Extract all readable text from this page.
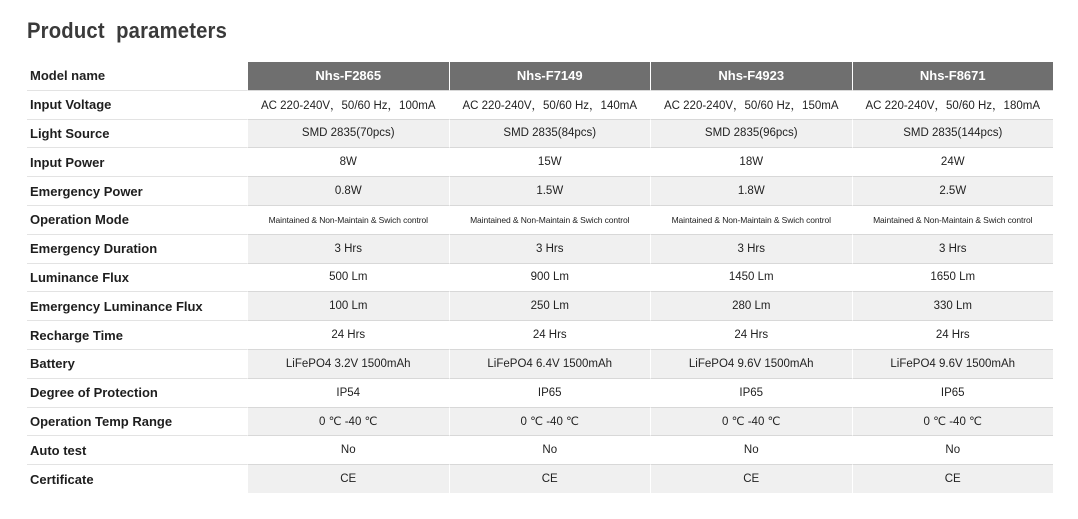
Product parameters
Model name	Nhs-F2865	Nhs-F7149	Nhs-F4923	Nhs-F8671
Input Voltage	AC 220-240V，50/60 Hz，100mA	AC 220-240V，50/60 Hz，140mA	AC 220-240V，50/60 Hz，150mA	AC 220-240V，50/60 Hz，180mA
Light Source	SMD 2835(70pcs)	SMD 2835(84pcs)	SMD 2835(96pcs)	SMD 2835(144pcs)
Input Power	8W	15W	18W	24W
Emergency Power	0.8W	1.5W	1.8W	2.5W
Operation Mode	Maintained & Non-Maintain & Swich control	Maintained & Non-Maintain & Swich control	Maintained & Non-Maintain & Swich control	Maintained & Non-Maintain & Swich control
Emergency Duration	3 Hrs	3 Hrs	3 Hrs	3 Hrs
Luminance Flux	500 Lm	900 Lm	1450 Lm	1650 Lm
Emergency Luminance Flux	100 Lm	250 Lm	280 Lm	330 Lm
Recharge Time	24 Hrs	24 Hrs	24 Hrs	24 Hrs
Battery	LiFePO4 3.2V 1500mAh	LiFePO4 6.4V 1500mAh	LiFePO4 9.6V 1500mAh	LiFePO4 9.6V 1500mAh
Degree of Protection	IP54	IP65	IP65	IP65
Operation Temp Range	0 ℃ -40 ℃	0 ℃ -40 ℃	0 ℃ -40 ℃	0 ℃ -40 ℃
Auto test	No	No	No	No
Certificate	CE	CE	CE	CE
